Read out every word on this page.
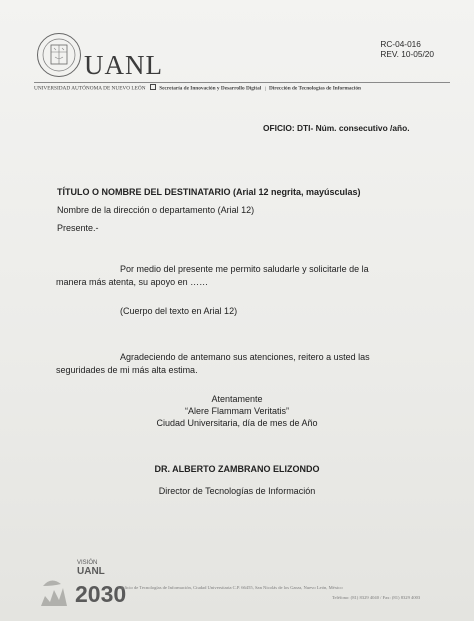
UANL
RC-04-016
REV. 10-05/20
UNIVERSIDAD AUTÓNOMA DE NUEVO LEÓN	Secretaría de Innovación y Desarrollo Digital | Dirección de Tecnologías de Información
OFICIO: DTI- Núm. consecutivo /año.
TÍTULO O NOMBRE DEL DESTINATARIO (Arial 12 negrita, mayúsculas)
Nombre de la dirección o departamento (Arial 12)
Presente.-
Por medio del presente me permito saludarle y solicitarle de la
manera más atenta, su apoyo en ……
(Cuerpo del texto en Arial 12)
Agradeciendo de antemano sus atenciones, reitero a usted las
seguridades de mi más alta estima.
Atentamente
“Alere Flammam Veritatis”
Ciudad Universitaria, día de mes de Año
DR. ALBERTO ZAMBRANO ELIZONDO
Director de Tecnologías de Información
VISIÓN
UANL
2030
Edificio de Tecnologías de Información, Ciudad Universitaria C.P. 66455, San Nicolás de los Garza, Nuevo León, México
Teléfono: (81) 8329 4040 / Fax: (81) 8329 4003
